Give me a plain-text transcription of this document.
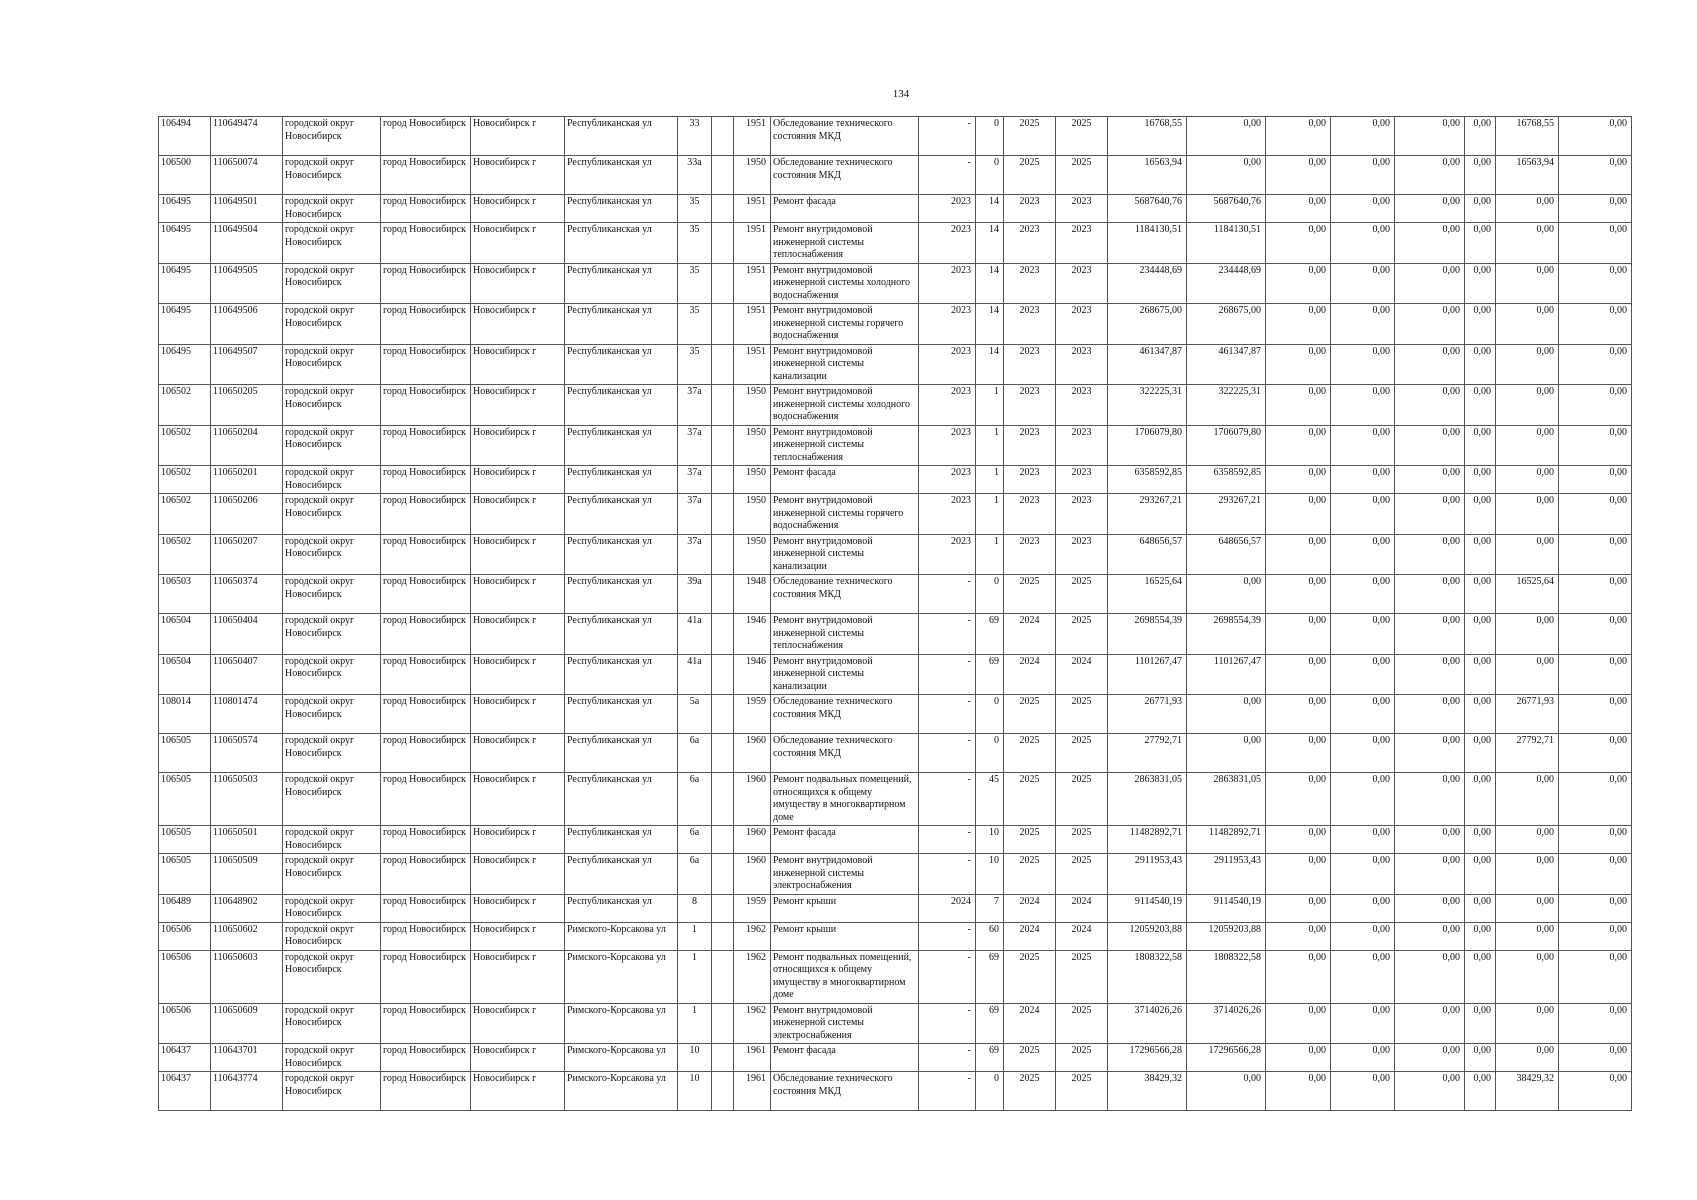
134
106494	110649474	городской округ Новосибирск	город Новосибирск	Новосибирск г	Республиканская ул	33		1951	Обследование технического состояния МКД	-	0	2025	2025	16768,55	0,00	0,00	0,00	0,00	0,00	16768,55	0,00
106500	110650074	городской округ Новосибирск	город Новосибирск	Новосибирск г	Республиканская ул	33а		1950	Обследование технического состояния МКД	-	0	2025	2025	16563,94	0,00	0,00	0,00	0,00	0,00	16563,94	0,00
106495	110649501	городской округ Новосибирск	город Новосибирск	Новосибирск г	Республиканская ул	35		1951	Ремонт фасада	2023	14	2023	2023	5687640,76	5687640,76	0,00	0,00	0,00	0,00	0,00	0,00
106495	110649504	городской округ Новосибирск	город Новосибирск	Новосибирск г	Республиканская ул	35		1951	Ремонт внутридомовой инженерной системы теплоснабжения	2023	14	2023	2023	1184130,51	1184130,51	0,00	0,00	0,00	0,00	0,00	0,00
106495	110649505	городской округ Новосибирск	город Новосибирск	Новосибирск г	Республиканская ул	35		1951	Ремонт внутридомовой инженерной системы холодного водоснабжения	2023	14	2023	2023	234448,69	234448,69	0,00	0,00	0,00	0,00	0,00	0,00
106495	110649506	городской округ Новосибирск	город Новосибирск	Новосибирск г	Республиканская ул	35		1951	Ремонт внутридомовой инженерной системы горячего водоснабжения	2023	14	2023	2023	268675,00	268675,00	0,00	0,00	0,00	0,00	0,00	0,00
106495	110649507	городской округ Новосибирск	город Новосибирск	Новосибирск г	Республиканская ул	35		1951	Ремонт внутридомовой инженерной системы канализации	2023	14	2023	2023	461347,87	461347,87	0,00	0,00	0,00	0,00	0,00	0,00
106502	110650205	городской округ Новосибирск	город Новосибирск	Новосибирск г	Республиканская ул	37а		1950	Ремонт внутридомовой инженерной системы холодного водоснабжения	2023	1	2023	2023	322225,31	322225,31	0,00	0,00	0,00	0,00	0,00	0,00
106502	110650204	городской округ Новосибирск	город Новосибирск	Новосибирск г	Республиканская ул	37а		1950	Ремонт внутридомовой инженерной системы теплоснабжения	2023	1	2023	2023	1706079,80	1706079,80	0,00	0,00	0,00	0,00	0,00	0,00
106502	110650201	городской округ Новосибирск	город Новосибирск	Новосибирск г	Республиканская ул	37а		1950	Ремонт фасада	2023	1	2023	2023	6358592,85	6358592,85	0,00	0,00	0,00	0,00	0,00	0,00
106502	110650206	городской округ Новосибирск	город Новосибирск	Новосибирск г	Республиканская ул	37а		1950	Ремонт внутридомовой инженерной системы горячего водоснабжения	2023	1	2023	2023	293267,21	293267,21	0,00	0,00	0,00	0,00	0,00	0,00
106502	110650207	городской округ Новосибирск	город Новосибирск	Новосибирск г	Республиканская ул	37а		1950	Ремонт внутридомовой инженерной системы канализации	2023	1	2023	2023	648656,57	648656,57	0,00	0,00	0,00	0,00	0,00	0,00
106503	110650374	городской округ Новосибирск	город Новосибирск	Новосибирск г	Республиканская ул	39а		1948	Обследование технического состояния МКД	-	0	2025	2025	16525,64	0,00	0,00	0,00	0,00	0,00	16525,64	0,00
106504	110650404	городской округ Новосибирск	город Новосибирск	Новосибирск г	Республиканская ул	41а		1946	Ремонт внутридомовой инженерной системы теплоснабжения	-	69	2024	2025	2698554,39	2698554,39	0,00	0,00	0,00	0,00	0,00	0,00
106504	110650407	городской округ Новосибирск	город Новосибирск	Новосибирск г	Республиканская ул	41а		1946	Ремонт внутридомовой инженерной системы канализации	-	69	2024	2024	1101267,47	1101267,47	0,00	0,00	0,00	0,00	0,00	0,00
108014	110801474	городской округ Новосибирск	город Новосибирск	Новосибирск г	Республиканская ул	5а		1959	Обследование технического состояния МКД	-	0	2025	2025	26771,93	0,00	0,00	0,00	0,00	0,00	26771,93	0,00
106505	110650574	городской округ Новосибирск	город Новосибирск	Новосибирск г	Республиканская ул	6а		1960	Обследование технического состояния МКД	-	0	2025	2025	27792,71	0,00	0,00	0,00	0,00	0,00	27792,71	0,00
106505	110650503	городской округ Новосибирск	город Новосибирск	Новосибирск г	Республиканская ул	6а		1960	Ремонт подвальных помещений, относящихся к общему имуществу в многоквартирном доме	-	45	2025	2025	2863831,05	2863831,05	0,00	0,00	0,00	0,00	0,00	0,00
106505	110650501	городской округ Новосибирск	город Новосибирск	Новосибирск г	Республиканская ул	6а		1960	Ремонт фасада	-	10	2025	2025	11482892,71	11482892,71	0,00	0,00	0,00	0,00	0,00	0,00
106505	110650509	городской округ Новосибирск	город Новосибирск	Новосибирск г	Республиканская ул	6а		1960	Ремонт внутридомовой инженерной системы электроснабжения	-	10	2025	2025	2911953,43	2911953,43	0,00	0,00	0,00	0,00	0,00	0,00
106489	110648902	городской округ Новосибирск	город Новосибирск	Новосибирск г	Республиканская ул	8		1959	Ремонт крыши	2024	7	2024	2024	9114540,19	9114540,19	0,00	0,00	0,00	0,00	0,00	0,00
106506	110650602	городской округ Новосибирск	город Новосибирск	Новосибирск г	Римского-Корсакова ул	1		1962	Ремонт крыши	-	60	2024	2024	12059203,88	12059203,88	0,00	0,00	0,00	0,00	0,00	0,00
106506	110650603	городской округ Новосибирск	город Новосибирск	Новосибирск г	Римского-Корсакова ул	1		1962	Ремонт подвальных помещений, относящихся к общему имуществу в многоквартирном доме	-	69	2025	2025	1808322,58	1808322,58	0,00	0,00	0,00	0,00	0,00	0,00
106506	110650609	городской округ Новосибирск	город Новосибирск	Новосибирск г	Римского-Корсакова ул	1		1962	Ремонт внутридомовой инженерной системы электроснабжения	-	69	2024	2025	3714026,26	3714026,26	0,00	0,00	0,00	0,00	0,00	0,00
106437	110643701	городской округ Новосибирск	город Новосибирск	Новосибирск г	Римского-Корсакова ул	10		1961	Ремонт фасада	-	69	2025	2025	17296566,28	17296566,28	0,00	0,00	0,00	0,00	0,00	0,00
106437	110643774	городской округ Новосибирск	город Новосибирск	Новосибирск г	Римского-Корсакова ул	10		1961	Обследование технического состояния МКД	-	0	2025	2025	38429,32	0,00	0,00	0,00	0,00	0,00	38429,32	0,00
